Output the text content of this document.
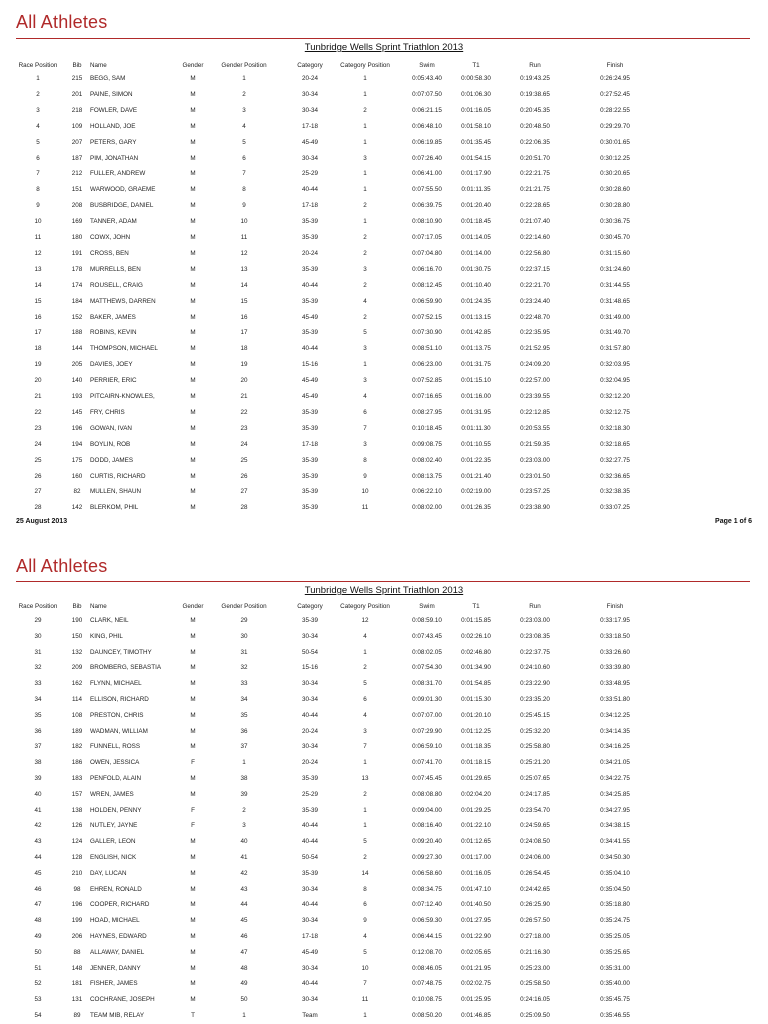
All Athletes
Tunbridge Wells Sprint Triathlon 2013
Race Position	Bib	Name	Gender	Gender Position	Category	Category Position	Swim	T1	Run	Finish
1	215	BEGG, SAM	M	1	20-24	1	0:05:43.40	0:00:58.30	0:19:43.25	0:26:24.95
2	201	PAINE, SIMON	M	2	30-34	1	0:07:07.50	0:01:06.30	0:19:38.65	0:27:52.45
3	218	FOWLER, DAVE	M	3	30-34	2	0:06:21.15	0:01:16.05	0:20:45.35	0:28:22.55
4	109	HOLLAND, JOE	M	4	17-18	1	0:06:48.10	0:01:58.10	0:20:48.50	0:29:29.70
5	207	PETERS, GARY	M	5	45-49	1	0:06:19.85	0:01:35.45	0:22:06.35	0:30:01.65
6	187	PIM, JONATHAN	M	6	30-34	3	0:07:26.40	0:01:54.15	0:20:51.70	0:30:12.25
7	212	FULLER, ANDREW	M	7	25-29	1	0:06:41.00	0:01:17.90	0:22:21.75	0:30:20.65
8	151	WARWOOD, GRAEME	M	8	40-44	1	0:07:55.50	0:01:11.35	0:21:21.75	0:30:28.60
9	208	BUSBRIDGE, DANIEL	M	9	17-18	2	0:06:39.75	0:01:20.40	0:22:28.65	0:30:28.80
10	169	TANNER, ADAM	M	10	35-39	1	0:08:10.90	0:01:18.45	0:21:07.40	0:30:36.75
11	180	COWX, JOHN	M	11	35-39	2	0:07:17.05	0:01:14.05	0:22:14.60	0:30:45.70
12	191	CROSS, BEN	M	12	20-24	2	0:07:04.80	0:01:14.00	0:22:56.80	0:31:15.60
13	178	MURRELLS, BEN	M	13	35-39	3	0:06:16.70	0:01:30.75	0:22:37.15	0:31:24.60
14	174	ROUSELL, CRAIG	M	14	40-44	2	0:08:12.45	0:01:10.40	0:22:21.70	0:31:44.55
15	184	MATTHEWS, DARREN	M	15	35-39	4	0:06:59.90	0:01:24.35	0:23:24.40	0:31:48.65
16	152	BAKER, JAMES	M	16	45-49	2	0:07:52.15	0:01:13.15	0:22:48.70	0:31:49.00
17	188	ROBINS, KEVIN	M	17	35-39	5	0:07:30.90	0:01:42.85	0:22:35.95	0:31:49.70
18	144	THOMPSON, MICHAEL	M	18	40-44	3	0:08:51.10	0:01:13.75	0:21:52.95	0:31:57.80
19	205	DAVIES, JOEY	M	19	15-16	1	0:06:23.00	0:01:31.75	0:24:09.20	0:32:03.95
20	140	PERRIER, ERIC	M	20	45-49	3	0:07:52.85	0:01:15.10	0:22:57.00	0:32:04.95
21	193	PITCAIRN-KNOWLES,	M	21	45-49	4	0:07:16.65	0:01:16.00	0:23:39.55	0:32:12.20
22	145	FRY, CHRIS	M	22	35-39	6	0:08:27.95	0:01:31.95	0:22:12.85	0:32:12.75
23	196	GOWAN, IVAN	M	23	35-39	7	0:10:18.45	0:01:11.30	0:20:53.55	0:32:18.30
24	194	BOYLIN, ROB	M	24	17-18	3	0:09:08.75	0:01:10.55	0:21:59.35	0:32:18.65
25	175	DODD, JAMES	M	25	35-39	8	0:08:02.40	0:01:22.35	0:23:03.00	0:32:27.75
26	160	CURTIS, RICHARD	M	26	35-39	9	0:08:13.75	0:01:21.40	0:23:01.50	0:32:36.65
27	82	MULLEN, SHAUN	M	27	35-39	10	0:06:22.10	0:02:19.00	0:23:57.25	0:32:38.35
28	142	BLERKOM, PHIL	M	28	35-39	11	0:08:02.00	0:01:26.35	0:23:38.90	0:33:07.25
25 August 2013	Page 1 of 6
All Athletes
Tunbridge Wells Sprint Triathlon 2013
Race Position	Bib	Name	Gender	Gender Position	Category	Category Position	Swim	T1	Run	Finish
29	190	CLARK, NEIL	M	29	35-39	12	0:08:59.10	0:01:15.85	0:23:03.00	0:33:17.95
30	150	KING, PHIL	M	30	30-34	4	0:07:43.45	0:02:26.10	0:23:08.35	0:33:18.50
31	132	DAUNCEY, TIMOTHY	M	31	50-54	1	0:08:02.05	0:02:46.80	0:22:37.75	0:33:26.60
32	209	BROMBERG, SEBASTIA	M	32	15-16	2	0:07:54.30	0:01:34.90	0:24:10.60	0:33:39.80
33	162	FLYNN, MICHAEL	M	33	30-34	5	0:08:31.70	0:01:54.85	0:23:22.90	0:33:48.95
34	114	ELLISON, RICHARD	M	34	30-34	6	0:09:01.30	0:01:15.30	0:23:35.20	0:33:51.80
35	108	PRESTON, CHRIS	M	35	40-44	4	0:07:07.00	0:01:20.10	0:25:45.15	0:34:12.25
36	189	WADMAN, WILLIAM	M	36	20-24	3	0:07:29.90	0:01:12.25	0:25:32.20	0:34:14.35
37	182	FUNNELL, ROSS	M	37	30-34	7	0:06:59.10	0:01:18.35	0:25:58.80	0:34:16.25
38	186	OWEN, JESSICA	F	1	20-24	1	0:07:41.70	0:01:18.15	0:25:21.20	0:34:21.05
39	183	PENFOLD, ALAIN	M	38	35-39	13	0:07:45.45	0:01:29.65	0:25:07.65	0:34:22.75
40	157	WREN, JAMES	M	39	25-29	2	0:08:08.80	0:02:04.20	0:24:17.85	0:34:25.85
41	138	HOLDEN, PENNY	F	2	35-39	1	0:09:04.00	0:01:29.25	0:23:54.70	0:34:27.95
42	126	NUTLEY, JAYNE	F	3	40-44	1	0:08:16.40	0:01:22.10	0:24:59.65	0:34:38.15
43	124	GALLER, LEON	M	40	40-44	5	0:09:20.40	0:01:12.65	0:24:08.50	0:34:41.55
44	128	ENGLISH, NICK	M	41	50-54	2	0:09:27.30	0:01:17.00	0:24:06.00	0:34:50.30
45	210	DAY, LUCAN	M	42	35-39	14	0:06:58.60	0:01:16.05	0:26:54.45	0:35:04.10
46	98	EHREN, RONALD	M	43	30-34	8	0:08:34.75	0:01:47.10	0:24:42.65	0:35:04.50
47	196	COOPER, RICHARD	M	44	40-44	6	0:07:12.40	0:01:40.50	0:26:25.90	0:35:18.80
48	199	HOAD, MICHAEL	M	45	30-34	9	0:06:59.30	0:01:27.95	0:26:57.50	0:35:24.75
49	206	HAYNES, EDWARD	M	46	17-18	4	0:06:44.15	0:01:22.90	0:27:18.00	0:35:25.05
50	88	ALLAWAY, DANIEL	M	47	45-49	5	0:12:08.70	0:02:05.65	0:21:16.30	0:35:25.65
51	148	JENNER, DANNY	M	48	30-34	10	0:08:46.05	0:01:21.95	0:25:23.00	0:35:31.00
52	181	FISHER, JAMES	M	49	40-44	7	0:07:48.75	0:02:02.75	0:25:58.50	0:35:40.00
53	131	COCHRANE, JOSEPH	M	50	30-34	11	0:10:08.75	0:01:25.95	0:24:16.05	0:35:45.75
54	89	TEAM MIB, RELAY	T	1	Team	1	0:08:50.20	0:01:46.85	0:25:09.50	0:35:46.55
